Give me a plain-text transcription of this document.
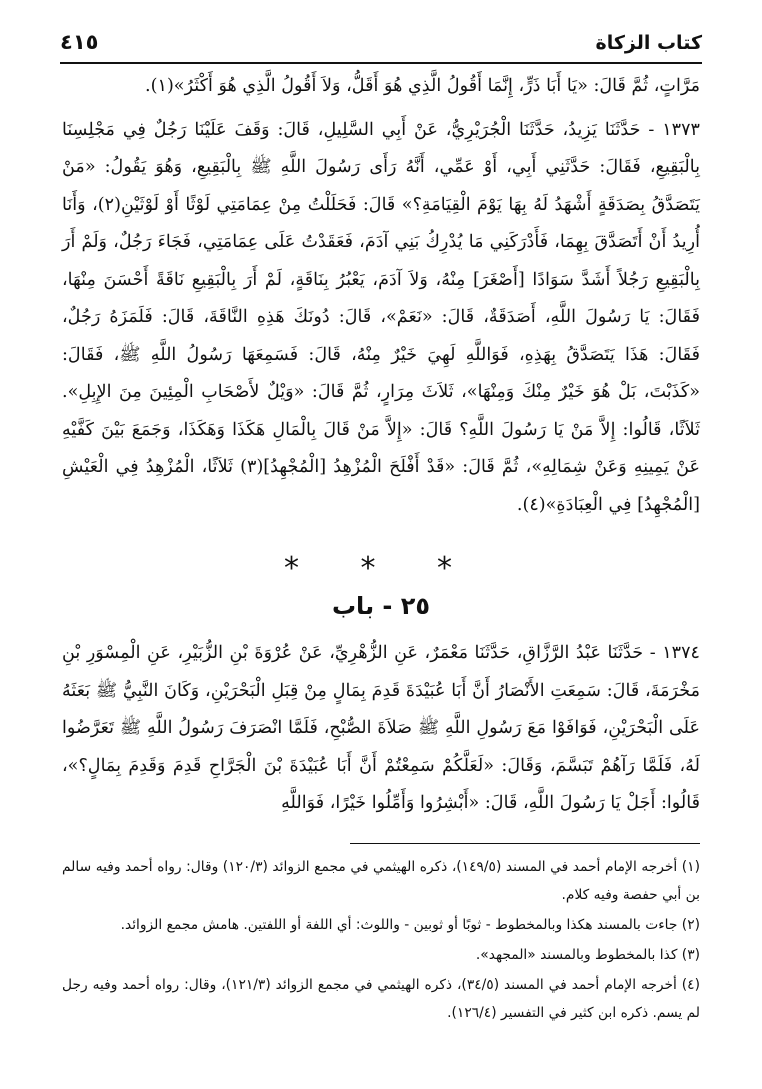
كتاب الزكاة
٤١٥

مَرَّاتٍ، ثُمَّ قَالَ: «يَا أَبَا ذَرٍّ، إِنَّمَا أَقُولُ الَّذِي هُوَ أَقَلُّ، وَلاَ أَقُولُ الَّذِي هُوَ أَكْثَرُ»(١).

١٣٧٣ - حَدَّثَنَا يَزِيدُ، حَدَّثَنَا الْجُرَيْرِيُّ، عَنْ أَبِي السَّلِيلِ، قَالَ: وَقَفَ عَلَيْنَا رَجُلٌ فِي مَجْلِسِنَا بِالْبَقِيعِ، فَقَالَ: حَدَّثَنِي أَبِي، أَوْ عَمِّي، أَنَّهُ رَأَى رَسُولَ اللَّهِ ﷺ بِالْبَقِيعِ، وَهُوَ يَقُولُ: «مَنْ يَتَصَدَّقُ بِصَدَقَةٍ أَشْهَدُ لَهُ بِهَا يَوْمَ الْقِيَامَةِ؟» قَالَ: فَحَلَلْتُ مِنْ عِمَامَتِي لَوْثًا أَوْ لَوْثَيْنِ(٢)، وَأَنَا أُرِيدُ أَنْ أَتَصَدَّقَ بِهِمَا، فَأَدْرَكَنِي مَا يُدْرِكُ بَنِي آدَمَ، فَعَقَدْتُ عَلَى عِمَامَتِي، فَجَاءَ رَجُلٌ، وَلَمْ أَرَ بِالْبَقِيعِ رَجُلاً أَشَدَّ سَوَادًا [أَصْغَرَ] مِنْهُ، وَلاَ آدَمَ، يَعْبُرُ بِنَاقَةٍ، لَمْ أَرَ بِالْبَقِيعِ نَاقَةً أَحْسَنَ مِنْهَا، فَقَالَ: يَا رَسُولَ اللَّهِ، أَصَدَقَةٌ، قَالَ: «نَعَمْ»، قَالَ: دُونَكَ هَذِهِ النَّاقَةَ، قَالَ: فَلَمَزَهُ رَجُلٌ، فَقَالَ: هَذَا يَتَصَدَّقُ بِهَذِهِ، فَوَاللَّهِ لَهِيَ خَيْرٌ مِنْهُ، قَالَ: فَسَمِعَهَا رَسُولُ اللَّهِ ﷺ، فَقَالَ: «كَذَبْتَ، بَلْ هُوَ خَيْرٌ مِنْكَ وَمِنْهَا»، ثَلاَثَ مِرَارٍ، ثُمَّ قَالَ: «وَيْلٌ لأَصْحَابِ الْمِئِينَ مِنَ الإِبِلِ». ثَلاَثًا، قَالُوا: إِلاَّ مَنْ يَا رَسُولَ اللَّهِ؟ قَالَ: «إِلاَّ مَنْ قَالَ بِالْمَالِ هَكَذَا وَهَكَذَا، وَجَمَعَ بَيْنَ كَفَّيْهِ عَنْ يَمِينِهِ وَعَنْ شِمَالِهِ»، ثُمَّ قَالَ: «قَدْ أَفْلَحَ الْمُزْهِدُ [الْمُجْهِدُ](٣) ثَلاَثًا، الْمُزْهِدُ فِي الْعَيْشِ [الْمُجْهِدُ] فِي الْعِبَادَةِ»(٤).

* * *
٢٥ - باب

١٣٧٤ - حَدَّثَنَا عَبْدُ الرَّزَّاقِ، حَدَّثَنَا مَعْمَرٌ، عَنِ الزُّهْرِيِّ، عَنْ عُرْوَةَ بْنِ الزُّبَيْرِ، عَنِ الْمِسْوَرِ بْنِ مَخْرَمَةَ، قَالَ: سَمِعَتِ الأَنْصَارُ أَنَّ أَبَا عُبَيْدَةَ قَدِمَ بِمَالٍ مِنْ قِبَلِ الْبَحْرَيْنِ، وَكَانَ النَّبِيُّ ﷺ بَعَثَهُ عَلَى الْبَحْرَيْنِ، فَوَافَوْا مَعَ رَسُولِ اللَّهِ ﷺ صَلاَةَ الصُّبْحِ، فَلَمَّا انْصَرَفَ رَسُولُ اللَّهِ ﷺ تَعَرَّضُوا لَهُ، فَلَمَّا رَآهُمْ تَبَسَّمَ، وَقَالَ: «لَعَلَّكُمْ سَمِعْتُمْ أَنَّ أَبَا عُبَيْدَةَ بْنَ الْجَرَّاحِ قَدِمَ وَقَدِمَ بِمَالٍ؟»، قَالُوا: أَجَلْ يَا رَسُولَ اللَّهِ، قَالَ: «أَبْشِرُوا وَأَمِّلُوا خَيْرًا، فَوَاللَّهِ

(١) أخرجه الإمام أحمد في المسند (١٤٩/٥)، ذكره الهيثمي في مجمع الزوائد (١٢٠/٣) وقال: رواه أحمد وفيه سالم بن أبي حفصة وفيه كلام.

(٢) جاءت بالمسند هكذا وبالمخطوط - ثوبًا أو ثوبين - واللوث: أي اللفة أو اللفتين. هامش مجمع الزوائد.

(٣) كذا بالمخطوط وبالمسند «المجهد».

(٤) أخرجه الإمام أحمد في المسند (٣٤/٥)، ذكره الهيثمي في مجمع الزوائد (١٢١/٣)، وقال: رواه أحمد وفيه رجل لم يسم. ذكره ابن كثير في التفسير (١٢٦/٤).
